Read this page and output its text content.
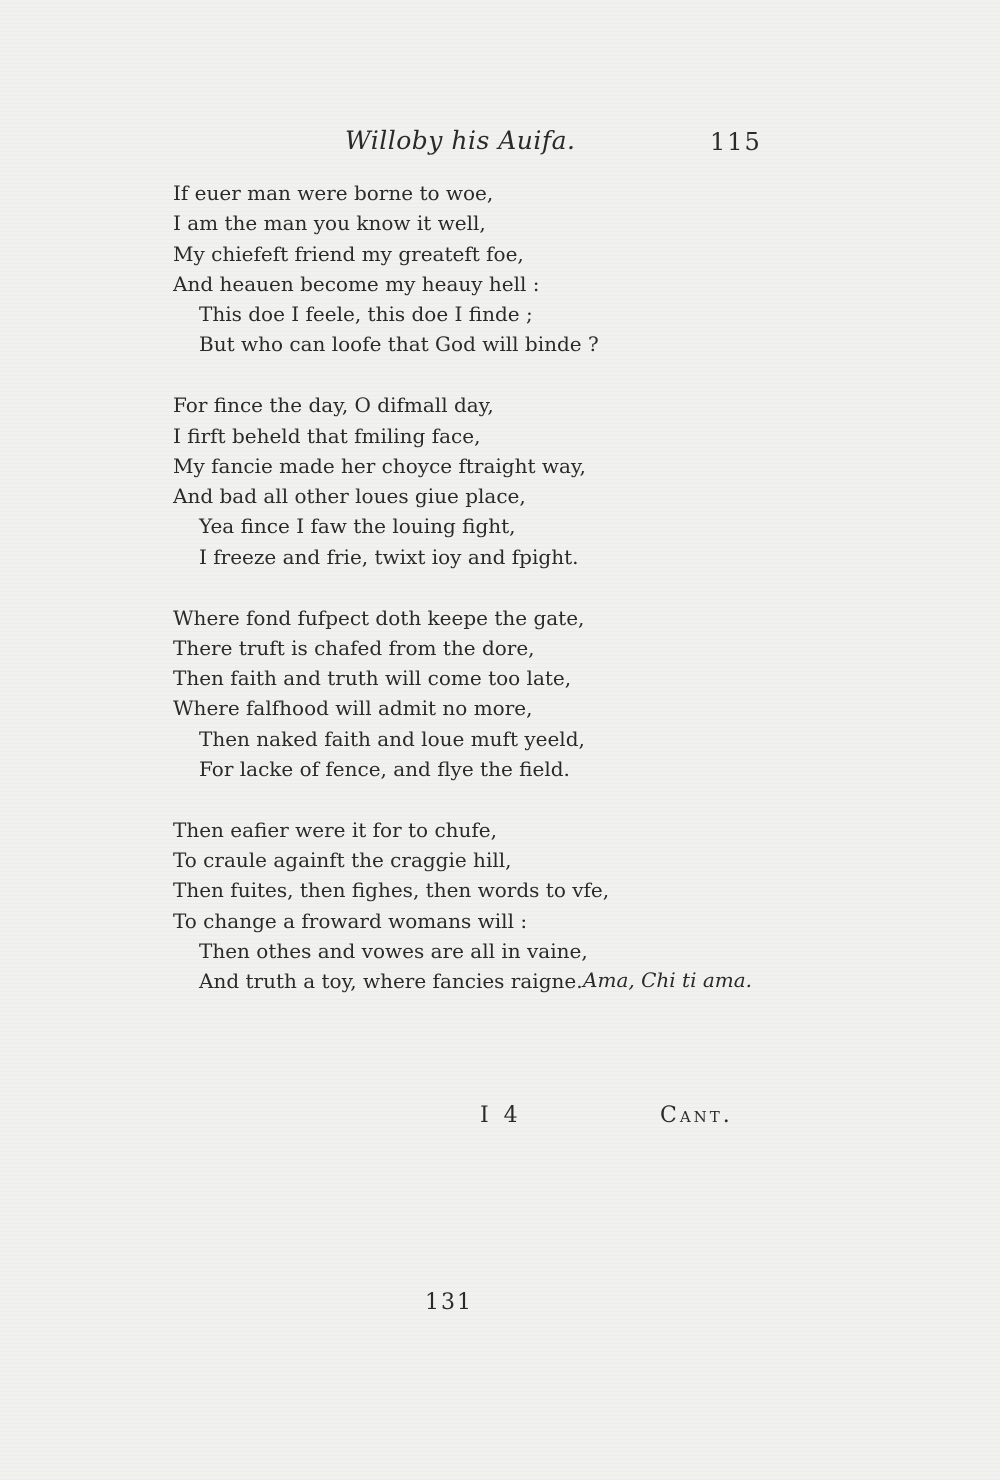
Willoby his Auifa.	115
If euer man were borne to woe,
I am the man you know it well,
My chiefeft friend my greateft foe,
And heauen become my heauy hell :
This doe I feele, this doe I finde ;
But who can loofe that God will binde ?
For fince the day, O difmall day,
I firft beheld that fmiling face,
My fancie made her choyce ftraight way,
And bad all other loues giue place,
Yea fince I faw the louing fight,
I freeze and frie, twixt ioy and fpight.
Where fond fufpect doth keepe the gate,
There truft is chafed from the dore,
Then faith and truth will come too late,
Where falfhood will admit no more,
Then naked faith and loue muft yeeld,
For lacke of fence, and flye the field.
Then eafier were it for to chufe,
To craule againft the craggie hill,
Then fuites, then fighes, then words to vfe,
To change a froward womans will :
Then othes and vowes are all in vaine,
And truth a toy, where fancies raigne. Ama, Chi ti ama.
I 4	Cant.
131
